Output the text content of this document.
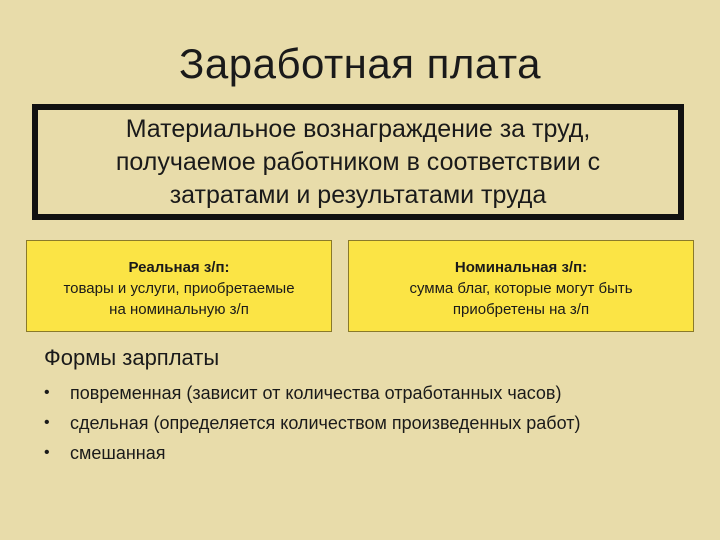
Заработная плата
Материальное вознаграждение за труд,
получаемое работником в соответствии с
затратами и результатами труда
Реальная з/п:
товары и услуги, приобретаемые
на номинальную з/п
Номинальная з/п:
сумма благ, которые могут быть
приобретены на з/п
Формы зарплаты
• повременная (зависит от количества отработанных часов)
• сдельная (определяется количеством произведенных работ)
• смешанная
